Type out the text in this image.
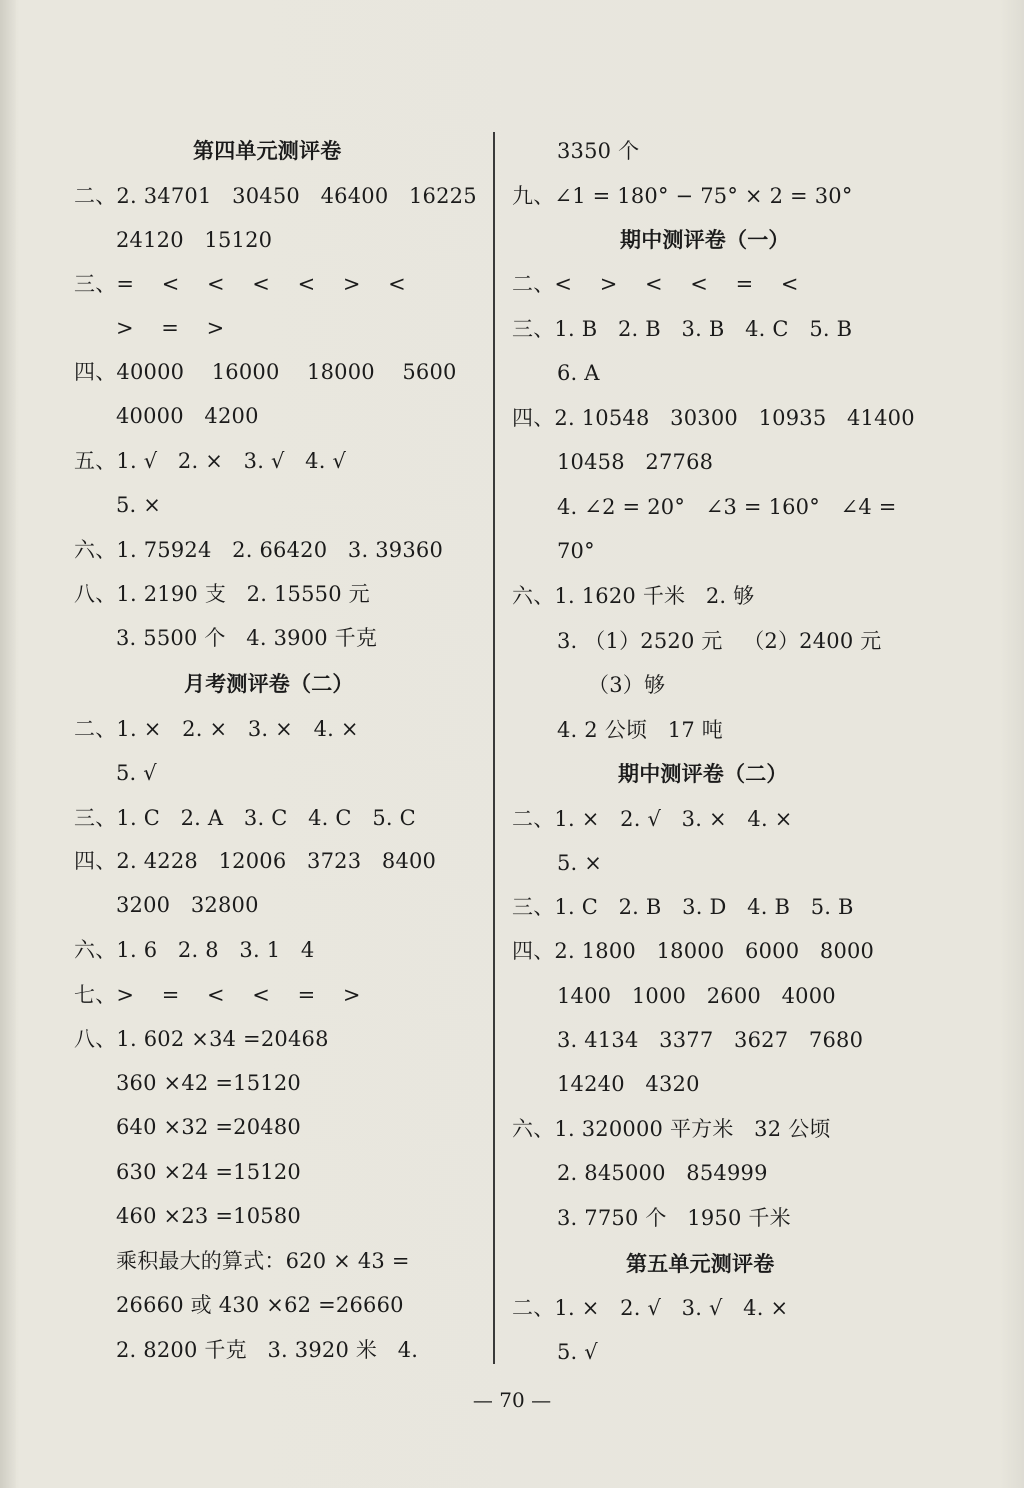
第四单元测评卷
二、2. 34701   30450   46400   16225
24120   15120
三、=    <    <    <    <    >    <
>    =    >
四、40000    16000    18000    5600
40000   4200
五、1. √   2. ×   3. √   4. √
5. ×
六、1. 75924   2. 66420   3. 39360
八、1. 2190 支   2. 15550 元
3. 5500 个   4. 3900 千克
月考测评卷（二）
二、1. ×   2. ×   3. ×   4. ×
5. √
三、1. C   2. A   3. C   4. C   5. C
四、2. 4228   12006   3723   8400
3200   32800
六、1. 6   2. 8   3. 1   4
七、>    =    <    <    =    >
八、1. 602 ×34 =20468
360 ×42 =15120
640 ×32 =20480
630 ×24 =15120
460 ×23 =10580
乘积最大的算式：620 × 43 =
26660 或 430 ×62 =26660
2. 8200 千克   3. 3920 米   4.
3350 个
九、∠1 = 180° − 75° × 2 = 30°
期中测评卷（一）
二、<    >    <    <    =    <
三、1. B   2. B   3. B   4. C   5. B
6. A
四、2. 10548   30300   10935   41400
10458   27768
4. ∠2 = 20°   ∠3 = 160°   ∠4 =
70°
六、1. 1620 千米   2. 够
3. （1）2520 元   （2）2400 元
（3）够
4. 2 公顷   17 吨
期中测评卷（二）
二、1. ×   2. √   3. ×   4. ×
5. ×
三、1. C   2. B   3. D   4. B   5. B
四、2. 1800   18000   6000   8000
1400   1000   2600   4000
3. 4134   3377   3627   7680
14240   4320
六、1. 320000 平方米   32 公顷
2. 845000   854999
3. 7750 个   1950 千米
第五单元测评卷
二、1. ×   2. √   3. √   4. ×
5. √
— 70 —
